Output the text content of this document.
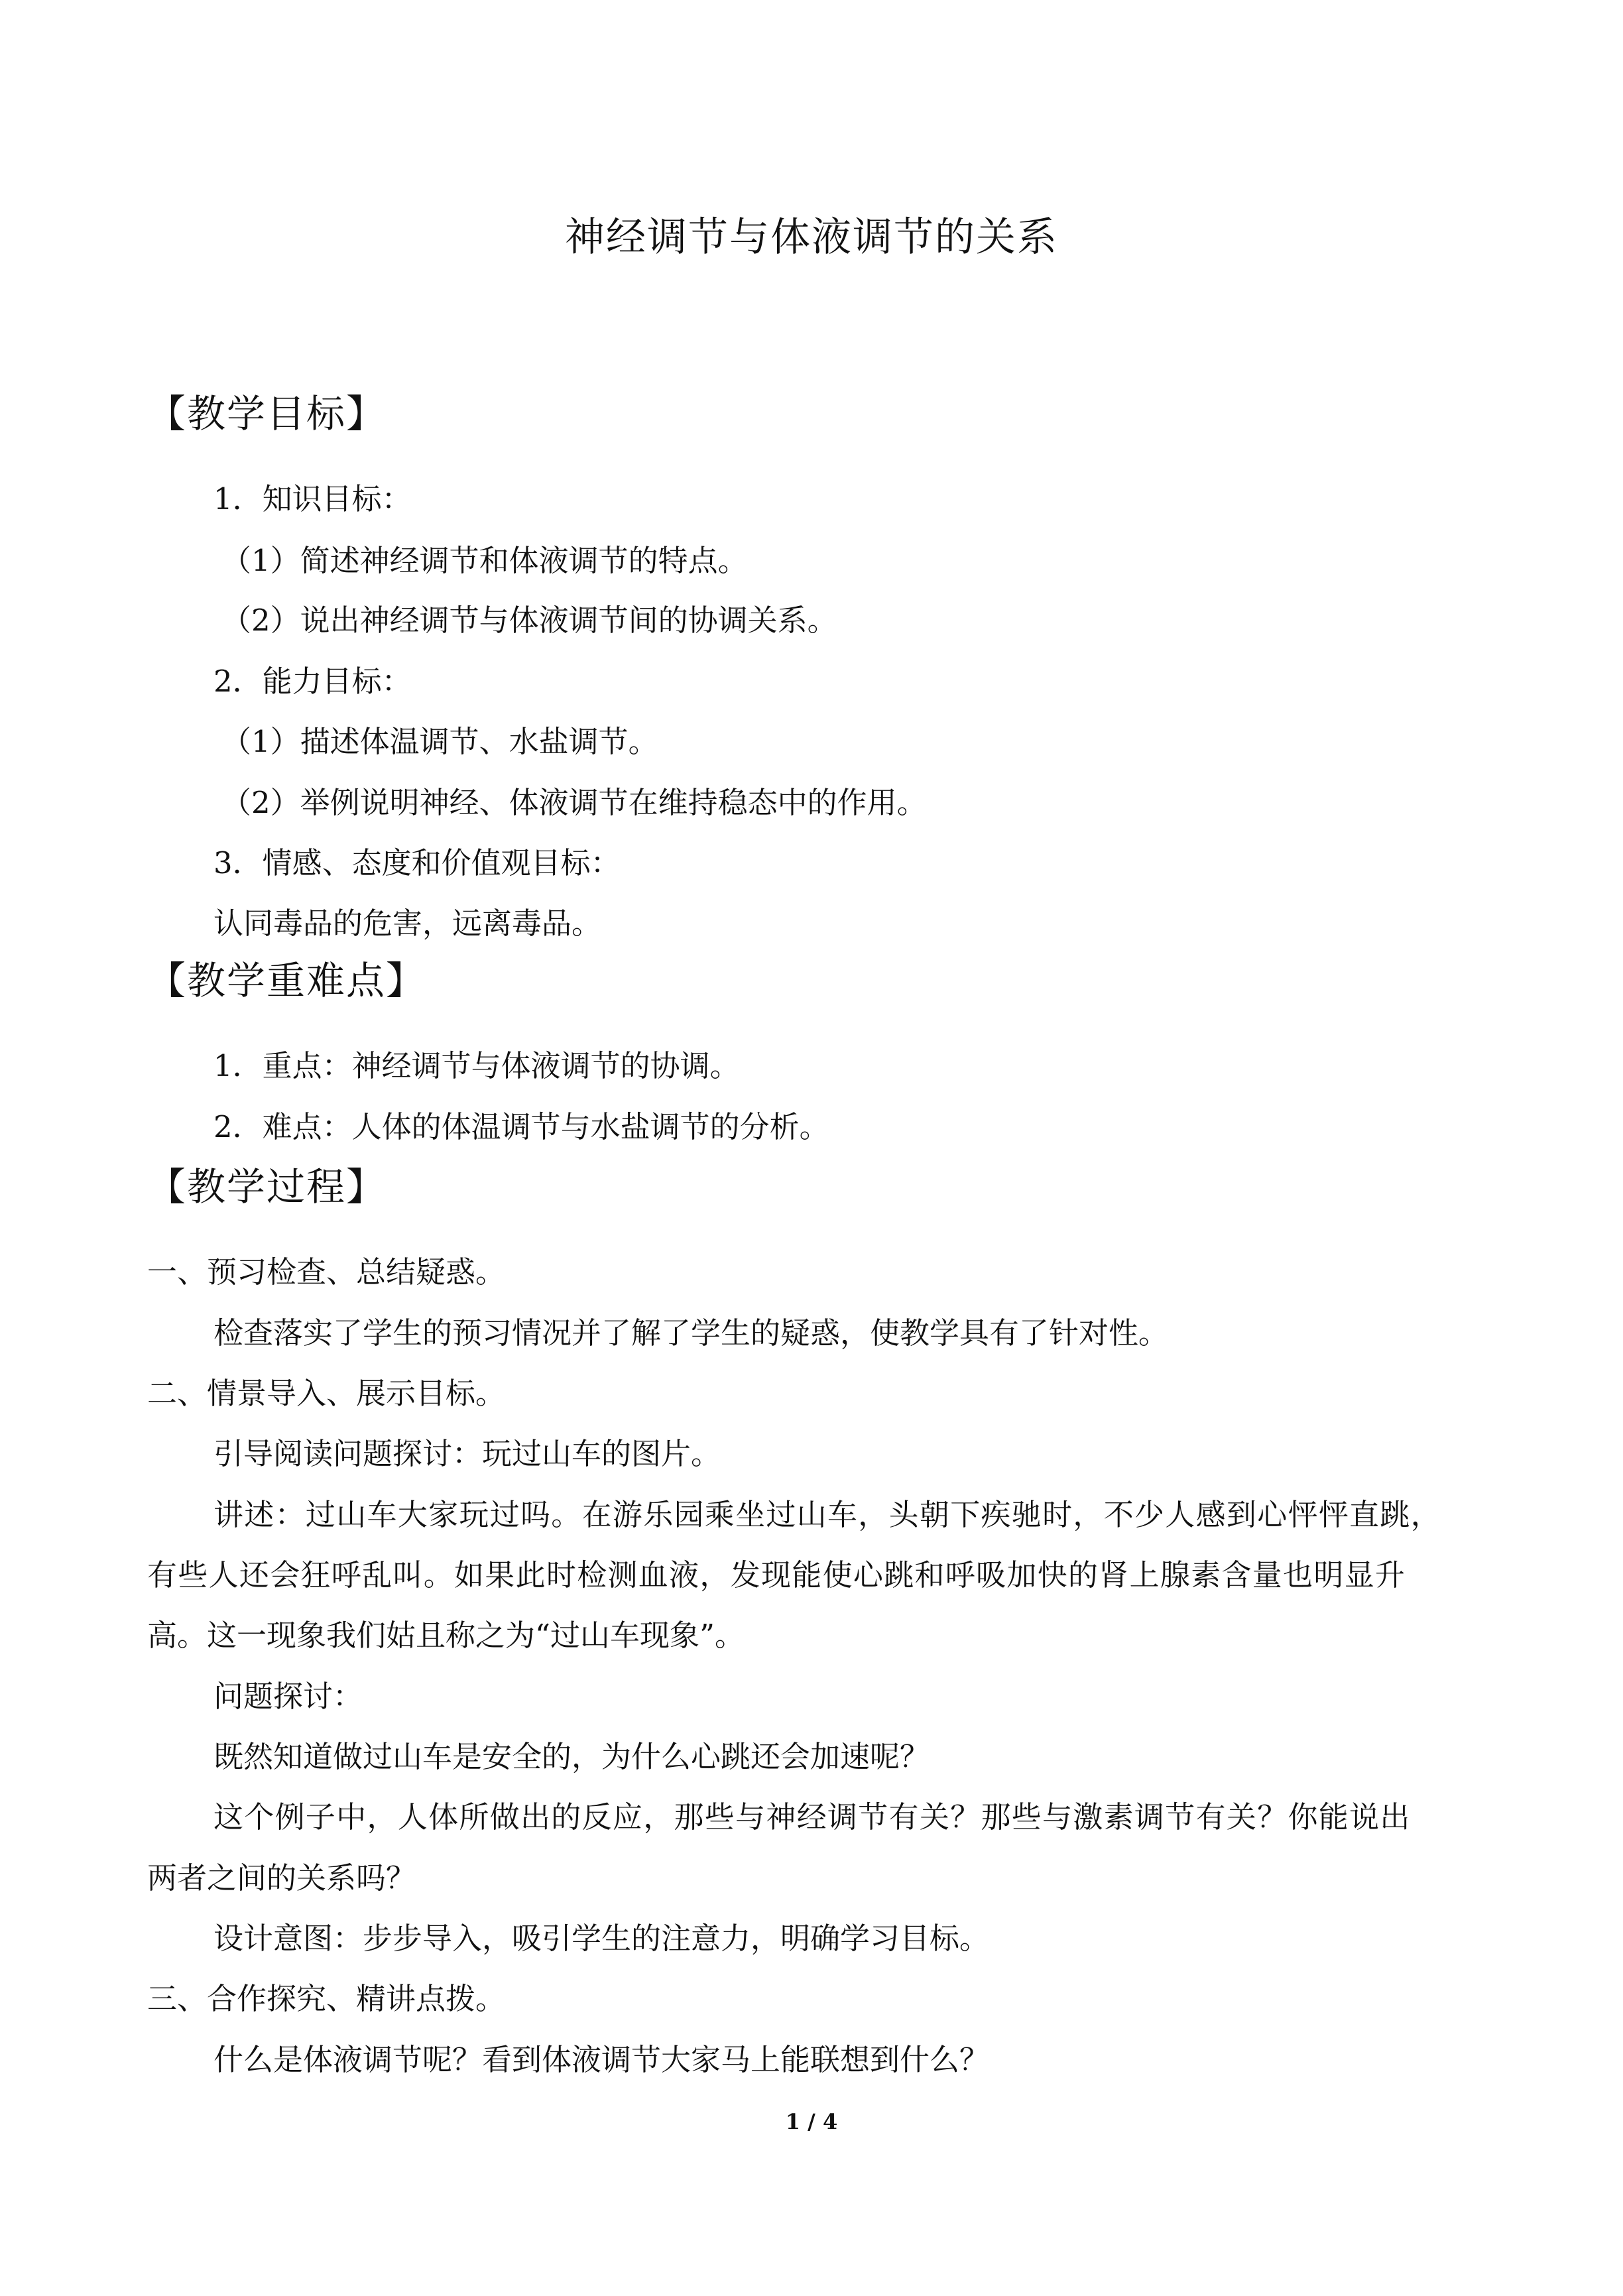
神经调节与体液调节的关系
【教学目标】
1．知识目标：
（1）简述神经调节和体液调节的特点。
（2）说出神经调节与体液调节间的协调关系。
2．能力目标：
（1）描述体温调节、水盐调节。
（2）举例说明神经、体液调节在维持稳态中的作用。
3．情感、态度和价值观目标：
认同毒品的危害，远离毒品。
【教学重难点】
1．重点：神经调节与体液调节的协调。
2．难点：人体的体温调节与水盐调节的分析。
【教学过程】
一、预习检查、总结疑惑。
检查落实了学生的预习情况并了解了学生的疑惑，使教学具有了针对性。
二、情景导入、展示目标。
引导阅读问题探讨：玩过山车的图片。
讲述：过山车大家玩过吗。在游乐园乘坐过山车，头朝下疾驰时，不少人感到心怦怦直跳，
有些人还会狂呼乱叫。如果此时检测血液，发现能使心跳和呼吸加快的肾上腺素含量也明显升
高。这一现象我们姑且称之为“过山车现象”。
问题探讨：
既然知道做过山车是安全的，为什么心跳还会加速呢？
这个例子中，人体所做出的反应，那些与神经调节有关？那些与激素调节有关？你能说出
两者之间的关系吗？
设计意图：步步导入，吸引学生的注意力，明确学习目标。
三、合作探究、精讲点拨。
什么是体液调节呢？看到体液调节大家马上能联想到什么？
1 / 4
